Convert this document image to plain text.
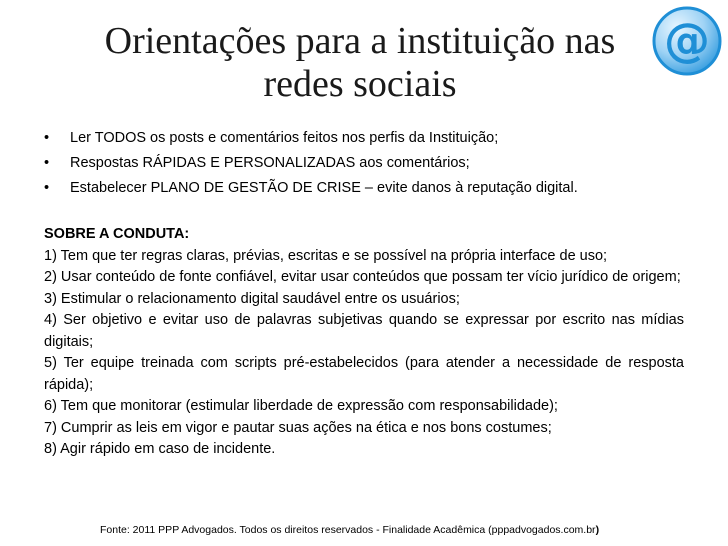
Orientações para a instituição nas redes sociais
@
• Ler TODOS os posts e comentários feitos nos perfis da Instituição;
• Respostas RÁPIDAS E PERSONALIZADAS aos comentários;
• Estabelecer PLANO DE GESTÃO DE CRISE – evite danos à reputação digital.

SOBRE A CONDUTA:

1) Tem que ter regras claras, prévias, escritas e se possível na própria interface de uso;

2) Usar conteúdo de fonte confiável, evitar usar conteúdos que possam ter vício jurídico de origem;

3) Estimular o relacionamento digital saudável entre os usuários;

4) Ser objetivo e evitar uso de palavras subjetivas quando se expressar por escrito nas mídias digitais;

5) Ter equipe treinada com scripts pré-estabelecidos (para atender a necessidade de resposta rápida);

6) Tem que monitorar (estimular liberdade de expressão com responsabilidade);

7) Cumprir as leis em vigor e pautar suas ações na ética e nos bons costumes;

8) Agir rápido em caso de incidente.

Fonte: 2011 PPP Advogados. Todos os direitos reservados - Finalidade Acadêmica (pppadvogados.com.br)
